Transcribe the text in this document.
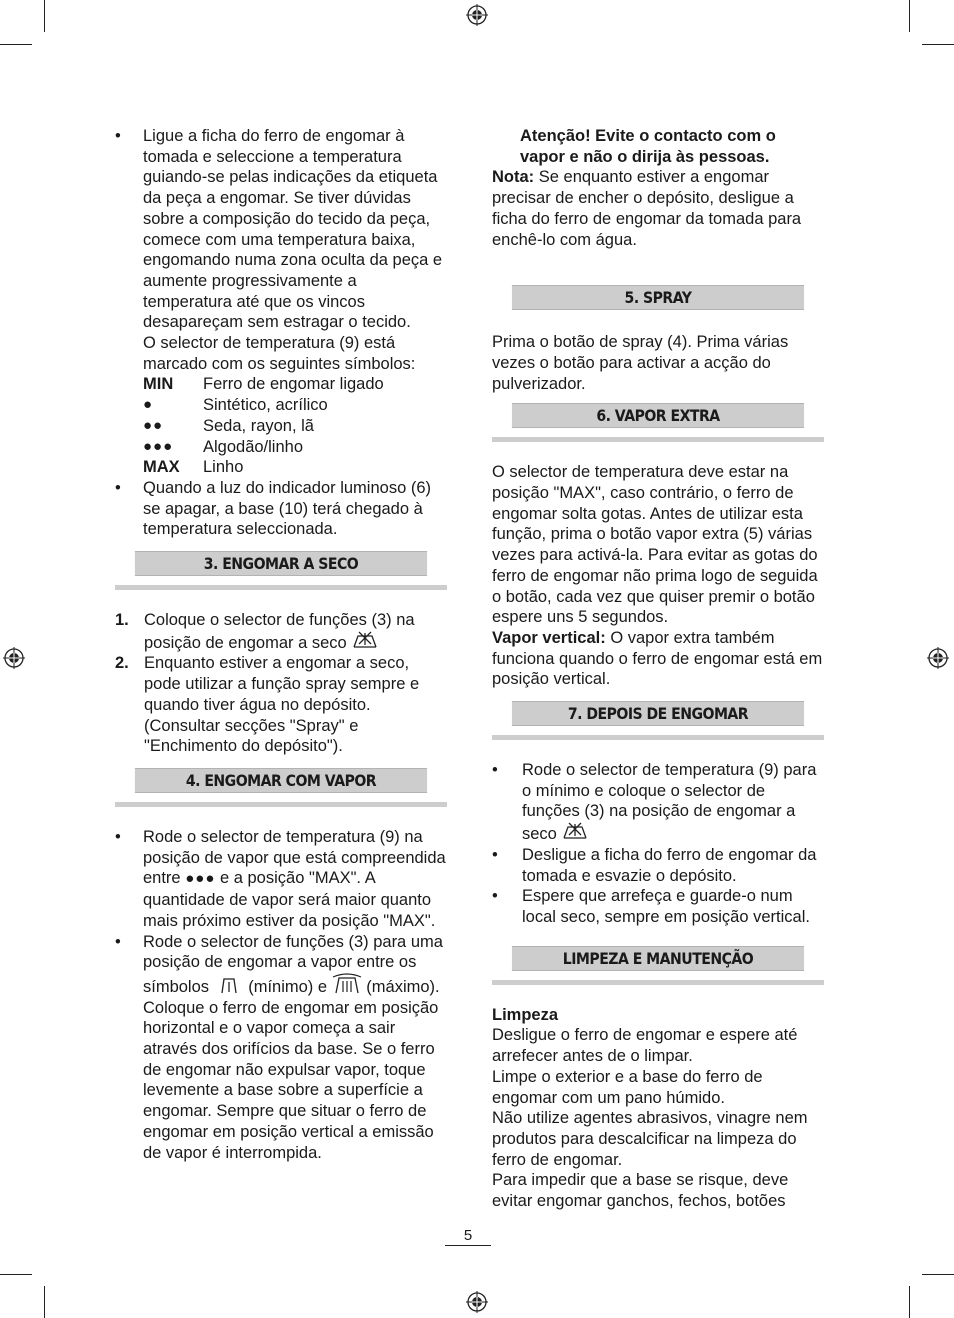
• Ligue a ficha do ferro de engomar à tomada e seleccione a temperatura guiando-se pelas indicações da etiqueta da peça a engomar. Se tiver dúvidas sobre a composição do tecido da peça, comece com uma temperatura baixa, engomando numa zona oculta da peça e aumente progressivamente a temperatura até que os vincos desapareçam sem estragar o tecido.

O selector de temperatura (9) está marcado com os seguintes símbolos:

MIN	Ferro de engomar ligado
●	Sintético, acrílico
●●	Seda, rayon, lã
●●●	Algodão/linho
MAX	Linho

• Quando a luz do indicador luminoso (6) se apagar, a base (10) terá chegado à temperatura seleccionada.

3. ENGOMAR A SECO
1. Coloque o selector de funções (3) na posição de engomar a seco
2. Enquanto estiver a engomar a seco, pode utilizar a função spray sempre e quando tiver água no depósito. (Consultar secções "Spray" e "Enchimento do depósito").
4. ENGOMAR COM VAPOR
• Rode o selector de temperatura (9) na posição de vapor que está compreendida entre ●●● e a posição "MAX". A quantidade de vapor será maior quanto mais próximo estiver da posição "MAX".
• Rode o selector de funções (3) para uma posição de engomar a vapor entre os símbolos (mínimo) e (máximo). Coloque o ferro de engomar em posição horizontal e o vapor começa a sair através dos orifícios da base. Se o ferro de engomar não expulsar vapor, toque levemente a base sobre a superfície a engomar. Sempre que situar o ferro de engomar em posição vertical a emissão de vapor é interrompida.

Atenção! Evite o contacto com o vapor e não o dirija às pessoas.

Nota: Se enquanto estiver a engomar precisar de encher o depósito, desligue a ficha do ferro de engomar da tomada para enchê-lo com água.

5. SPRAY

Prima o botão de spray (4). Prima várias vezes o botão para activar a acção do pulverizador.

6. VAPOR EXTRA

O selector de temperatura deve estar na posição "MAX", caso contrário, o ferro de engomar solta gotas. Antes de utilizar esta função, prima o botão vapor extra (5) várias vezes para activá-la. Para evitar as gotas do ferro de engomar não prima logo de seguida o botão, cada vez que quiser premir o botão espere uns 5 segundos.

Vapor vertical: O vapor extra também funciona quando o ferro de engomar está em posição vertical.

7. DEPOIS DE ENGOMAR
• Rode o selector de temperatura (9) para o mínimo e coloque o selector de funções (3) na posição de engomar a seco
• Desligue a ficha do ferro de engomar da tomada e esvazie o depósito.
• Espere que arrefeça e guarde-o num local seco, sempre em posição vertical.
LIMPEZA E MANUTENÇÃO

Limpeza

Desligue o ferro de engomar e espere até arrefecer antes de o limpar.

Limpe o exterior e a base do ferro de engomar com um pano húmido.

Não utilize agentes abrasivos, vinagre nem produtos para descalcificar na limpeza do ferro de engomar.

Para impedir que a base se risque, deve evitar engomar ganchos, fechos, botões

5
